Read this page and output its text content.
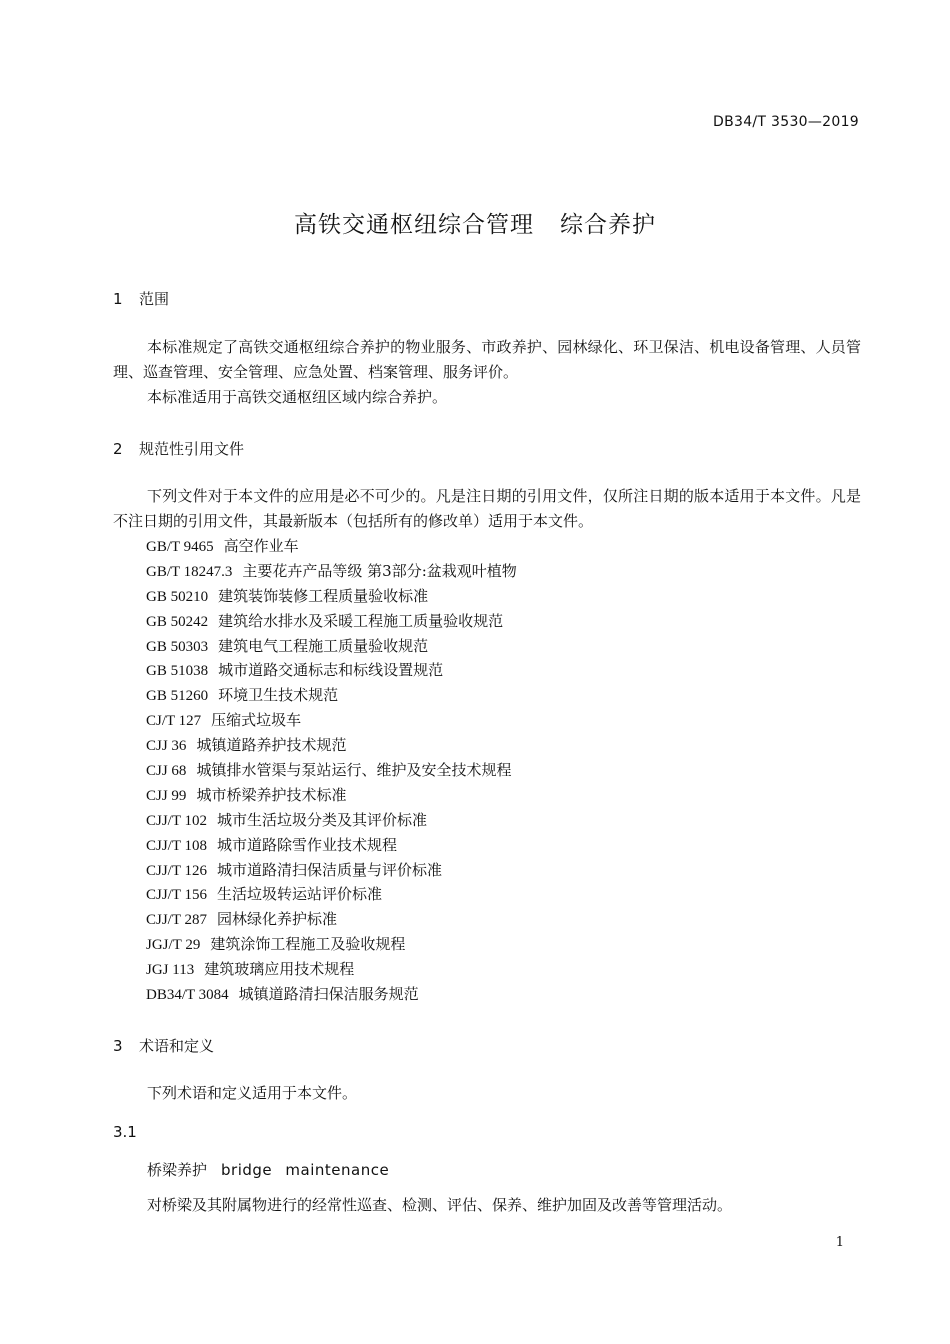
DB34/T 3530—2019
高铁交通枢纽综合管理 综合养护
1 范围
本标准规定了高铁交通枢纽综合养护的物业服务、市政养护、园林绿化、环卫保洁、机电设备管理、人员管理、巡查管理、安全管理、应急处置、档案管理、服务评价。
本标准适用于高铁交通枢纽区域内综合养护。
2 规范性引用文件
下列文件对于本文件的应用是必不可少的。凡是注日期的引用文件，仅所注日期的版本适用于本文件。凡是不注日期的引用文件，其最新版本（包括所有的修改单）适用于本文件。
GB/T 9465 高空作业车
GB/T 18247.3 主要花卉产品等级 第3部分:盆栽观叶植物
GB 50210 建筑装饰装修工程质量验收标准
GB 50242 建筑给水排水及采暖工程施工质量验收规范
GB 50303 建筑电气工程施工质量验收规范
GB 51038 城市道路交通标志和标线设置规范
GB 51260 环境卫生技术规范
CJ/T 127 压缩式垃圾车
CJJ 36 城镇道路养护技术规范
CJJ 68 城镇排水管渠与泵站运行、维护及安全技术规程
CJJ 99 城市桥梁养护技术标准
CJJ/T 102 城市生活垃圾分类及其评价标准
CJJ/T 108 城市道路除雪作业技术规程
CJJ/T 126 城市道路清扫保洁质量与评价标准
CJJ/T 156 生活垃圾转运站评价标准
CJJ/T 287 园林绿化养护标准
JGJ/T 29 建筑涂饰工程施工及验收规程
JGJ 113 建筑玻璃应用技术规程
DB34/T 3084 城镇道路清扫保洁服务规范
3 术语和定义
下列术语和定义适用于本文件。
3.1
桥梁养护 bridge maintenance
对桥梁及其附属物进行的经常性巡查、检测、评估、保养、维护加固及改善等管理活动。
1
